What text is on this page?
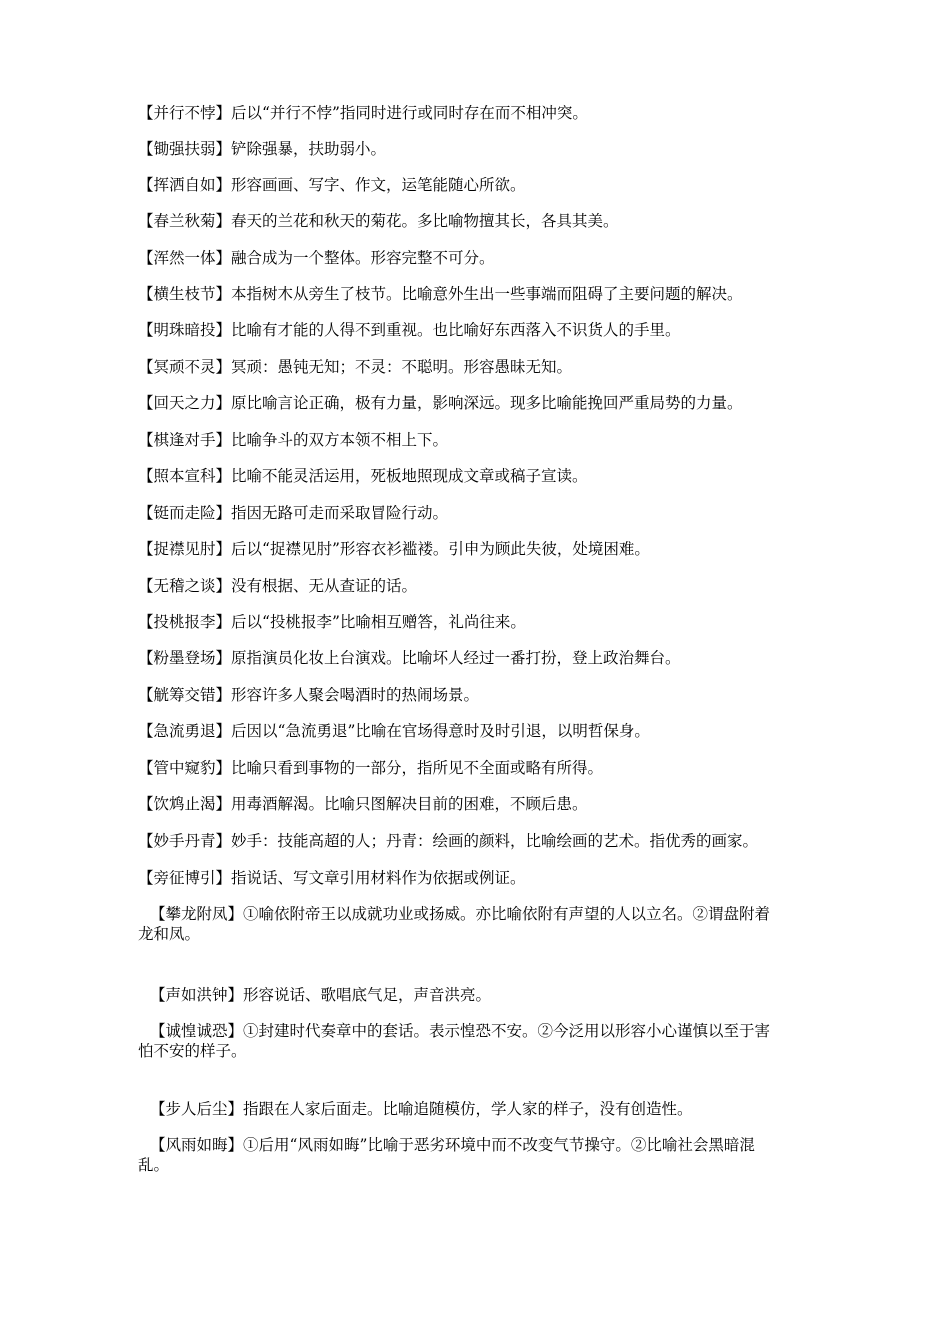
【并行不悖】后以“并行不悖”指同时进行或同时存在而不相冲突。
【锄强扶弱】铲除强暴，扶助弱小。
【挥洒自如】形容画画、写字、作文，运笔能随心所欲。
【春兰秋菊】春天的兰花和秋天的菊花。多比喻物擅其长，各具其美。
【浑然一体】融合成为一个整体。形容完整不可分。
【横生枝节】本指树木从旁生了枝节。比喻意外生出一些事端而阻碍了主要问题的解决。
【明珠暗投】比喻有才能的人得不到重视。也比喻好东西落入不识货人的手里。
【冥顽不灵】冥顽：愚钝无知；不灵：不聪明。形容愚昧无知。
【回天之力】原比喻言论正确，极有力量，影响深远。现多比喻能挽回严重局势的力量。
【棋逢对手】比喻争斗的双方本领不相上下。
【照本宣科】比喻不能灵活运用，死板地照现成文章或稿子宣读。
【铤而走险】指因无路可走而采取冒险行动。
【捉襟见肘】后以“捉襟见肘”形容衣衫褴褛。引申为顾此失彼，处境困难。
【无稽之谈】没有根据、无从查证的话。
【投桃报李】后以“投桃报李”比喻相互赠答，礼尚往来。
【粉墨登场】原指演员化妆上台演戏。比喻坏人经过一番打扮，登上政治舞台。
【觥筹交错】形容许多人聚会喝酒时的热闹场景。
【急流勇退】后因以“急流勇退”比喻在官场得意时及时引退，以明哲保身。
【管中窥豹】比喻只看到事物的一部分，指所见不全面或略有所得。
【饮鸩止渴】用毒酒解渴。比喻只图解决目前的困难，不顾后患。
【妙手丹青】妙手：技能高超的人；丹青：绘画的颜料，比喻绘画的艺术。指优秀的画家。
【旁征博引】指说话、写文章引用材料作为依据或例证。
【攀龙附凤】①喻依附帝王以成就功业或扬威。亦比喻依附有声望的人以立名。②谓盘附着
龙和凤。
【声如洪钟】形容说话、歌唱底气足，声音洪亮。
【诚惶诚恐】①封建时代奏章中的套话。表示惶恐不安。②今泛用以形容小心谨慎以至于害
怕不安的样子。
【步人后尘】指跟在人家后面走。比喻追随模仿，学人家的样子，没有创造性。
【风雨如晦】①后用“风雨如晦”比喻于恶劣环境中而不改变气节操守。②比喻社会黑暗混
乱。
